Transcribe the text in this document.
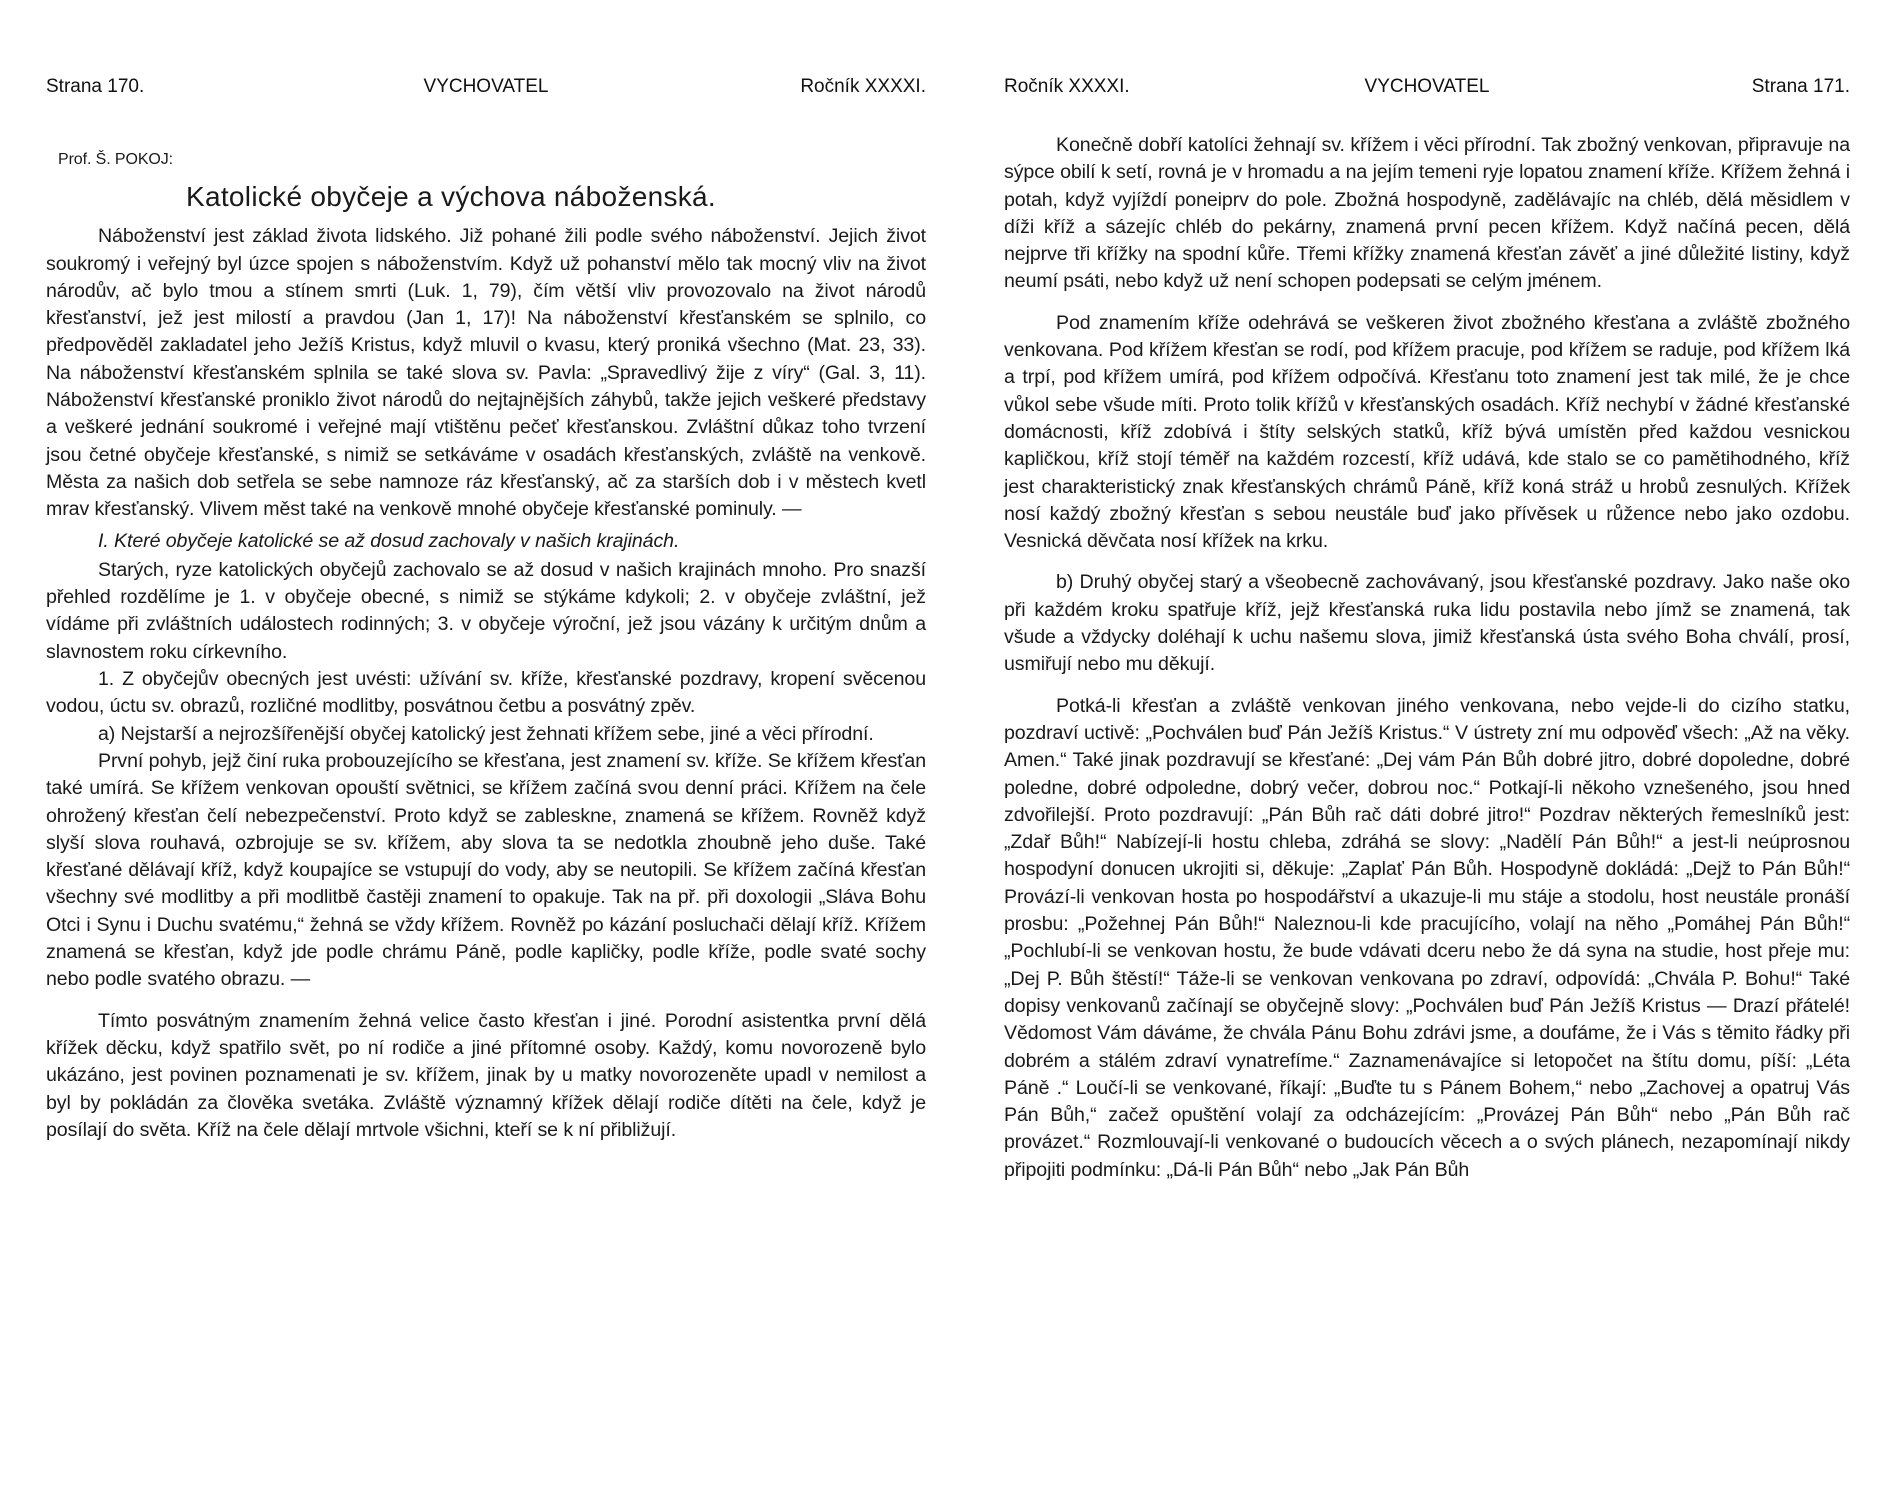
Strana 170.	VYCHOVATEL	Ročník XXXXI.

Prof. Š. POKOJ:

Katolické obyčeje a výchova náboženská.

Náboženství jest základ života lidského. Již pohané žili podle svého náboženství. Jejich život soukromý i veřejný byl úzce spojen s náboženstvím. Když už pohanství mělo tak mocný vliv na život národův, ač bylo tmou a stínem smrti (Luk. 1, 79), čím větší vliv provozovalo na život národů křesťanství, jež jest milostí a pravdou (Jan 1, 17)! Na náboženství křesťanském se splnilo, co předpověděl zakladatel jeho Ježíš Kristus, když mluvil o kvasu, který proniká všechno (Mat. 23, 33). Na náboženství křesťanském splnila se také slova sv. Pavla: „Spravedlivý žije z víry“ (Gal. 3, 11). Náboženství křesťanské proniklo život národů do nejtajnějších záhybů, takže jejich veškeré představy a veškeré jednání soukromé i veřejné mají vtištěnu pečeť křesťanskou. Zvláštní důkaz toho tvrzení jsou četné obyčeje křesťanské, s nimiž se setkáváme v osadách křesťanských, zvláště na venkově. Města za našich dob setřela se sebe namnoze ráz křesťanský, ač za starších dob i v městech kvetl mrav křesťanský. Vlivem měst také na venkově mnohé obyčeje křesťanské pominuly. —

I. Které obyčeje katolické se až dosud zachovaly v našich krajinách.

Starých, ryze katolických obyčejů zachovalo se až dosud v našich krajinách mnoho. Pro snazší přehled rozdělíme je 1. v obyčeje obecné, s nimiž se stýkáme kdykoli; 2. v obyčeje zvláštní, jež vídáme při zvláštních událostech rodinných; 3. v obyčeje výroční, jež jsou vázány k určitým dnům a slavnostem roku církevního.

1. Z obyčejův obecných jest uvésti: užívání sv. kříže, křesťanské pozdravy, kropení svěcenou vodou, úctu sv. obrazů, rozličné modlitby, posvátnou četbu a posvátný zpěv.

a) Nejstarší a nejrozšířenější obyčej katolický jest žehnati křížem sebe, jiné a věci přírodní.

První pohyb, jejž činí ruka probouzejícího se křesťana, jest znamení sv. kříže. Se křížem křesťan také umírá. Se křížem venkovan opouští světnici, se křížem začíná svou denní práci. Křížem na čele ohrožený křesťan čelí nebezpečenství. Proto když se zableskne, znamená se křížem. Rovněž když slyší slova rouhavá, ozbrojuje se sv. křížem, aby slova ta se nedotkla zhoubně jeho duše. Také křesťané dělávají kříž, když koupajíce se vstupují do vody, aby se neutopili. Se křížem začíná křesťan všechny své modlitby a při modlitbě častěji znamení to opakuje. Tak na př. při doxologii „Sláva Bohu Otci i Synu i Duchu svatému,“ žehná se vždy křížem. Rovněž po kázání posluchači dělají kříž. Křížem znamená se křesťan, když jde podle chrámu Páně, podle kapličky, podle kříže, podle svaté sochy nebo podle svatého obrazu. —

Tímto posvátným znamením žehná velice často křesťan i jiné. Porodní asistentka první dělá křížek děcku, když spatřilo svět, po ní rodiče a jiné přítomné osoby. Každý, komu novorozeně bylo ukázáno, jest povinen poznamenati je sv. křížem, jinak by u matky novorozeněte upadl v nemilost a byl by pokládán za člověka svetáka. Zvláště významný křížek dělají rodiče dítěti na čele, když je posílají do světa. Kříž na čele dělají mrtvole všichni, kteří se k ní přibližují.

Ročník XXXXI.	VYCHOVATEL	Strana 171.

Konečně dobří katolíci žehnají sv. křížem i věci přírodní. Tak zbožný venkovan, připravuje na sýpce obilí k setí, rovná je v hromadu a na jejím temeni ryje lopatou znamení kříže. Křížem žehná i potah, když vyjíždí poneiprv do pole. Zbožná hospodyně, zadělávajíc na chléb, dělá měsidlem v díži kříž a sázejíc chléb do pekárny, znamená první pecen křížem. Když načíná pecen, dělá nejprve tři křížky na spodní kůře. Třemi křížky znamená křesťan závěť a jiné důležité listiny, když neumí psáti, nebo když už není schopen podepsati se celým jménem.

Pod znamením kříže odehrává se veškeren život zbožného křesťana a zvláště zbožného venkovana. Pod křížem křesťan se rodí, pod křížem pracuje, pod křížem se raduje, pod křížem lká a trpí, pod křížem umírá, pod křížem odpočívá. Křesťanu toto znamení jest tak milé, že je chce vůkol sebe všude míti. Proto tolik křížů v křesťanských osadách. Kříž nechybí v žádné křesťanské domácnosti, kříž zdobívá i štíty selských statků, kříž bývá umístěn před každou vesnickou kapličkou, kříž stojí téměř na každém rozcestí, kříž udává, kde stalo se co pamětihodného, kříž jest charakteristický znak křesťanských chrámů Páně, kříž koná stráž u hrobů zesnulých. Křížek nosí každý zbožný křesťan s sebou neustále buď jako přívěsek u růžence nebo jako ozdobu. Vesnická děvčata nosí křížek na krku.

b) Druhý obyčej starý a všeobecně zachovávaný, jsou křesťanské pozdravy. Jako naše oko při každém kroku spatřuje kříž, jejž křesťanská ruka lidu postavila nebo jímž se znamená, tak všude a vždycky doléhají k uchu našemu slova, jimiž křesťanská ústa svého Boha chválí, prosí, usmiřují nebo mu děkují.

Potká-li křesťan a zvláště venkovan jiného venkovana, nebo vejde-li do cizího statku, pozdraví uctivě: „Pochválen buď Pán Ježíš Kristus.“ V ústrety zní mu odpověď všech: „Až na věky. Amen.“ Také jinak pozdravují se křesťané: „Dej vám Pán Bůh dobré jitro, dobré dopoledne, dobré poledne, dobré odpoledne, dobrý večer, dobrou noc.“ Potkají-li někoho vznešeného, jsou hned zdvořilejší. Proto pozdravují: „Pán Bůh rač dáti dobré jitro!“ Pozdrav některých řemeslníků jest: „Zdař Bůh!“ Nabízejí-li hostu chleba, zdráhá se slovy: „Nadělí Pán Bůh!“ a jest-li neúprosnou hospodyní donucen ukrojiti si, děkuje: „Zaplať Pán Bůh. Hospodyně dokládá: „Dejž to Pán Bůh!“ Provází-li venkovan hosta po hospodářství a ukazuje-li mu stáje a stodolu, host neustále pronáší prosbu: „Požehnej Pán Bůh!“ Naleznou-li kde pracujícího, volají na něho „Pomáhej Pán Bůh!“ „Pochlubí-li se venkovan hostu, že bude vdávati dceru nebo že dá syna na studie, host přeje mu: „Dej P. Bůh štěstí!“ Táže-li se venkovan venkovana po zdraví, odpovídá: „Chvála P. Bohu!“ Také dopisy venkovanů začínají se obyčejně slovy: „Pochválen buď Pán Ježíš Kristus — Drazí přátelé! Vědomost Vám dáváme, že chvála Pánu Bohu zdrávi jsme, a doufáme, že i Vás s těmito řádky při dobrém a stálém zdraví vynatrefíme.“ Zaznamenávajíce si letopočet na štítu domu, píší: „Léta Páně .“ Loučí-li se venkované, říkají: „Buďte tu s Pánem Bohem,“ nebo „Zachovej a opatruj Vás Pán Bůh,“ začež opuštění volají za odcházejícím: „Provázej Pán Bůh“ nebo „Pán Bůh rač provázet.“ Rozmlouvají-li venkované o budoucích věcech a o svých plánech, nezapomínají nikdy připojiti podmínku: „Dá-li Pán Bůh“ nebo „Jak Pán Bůh
